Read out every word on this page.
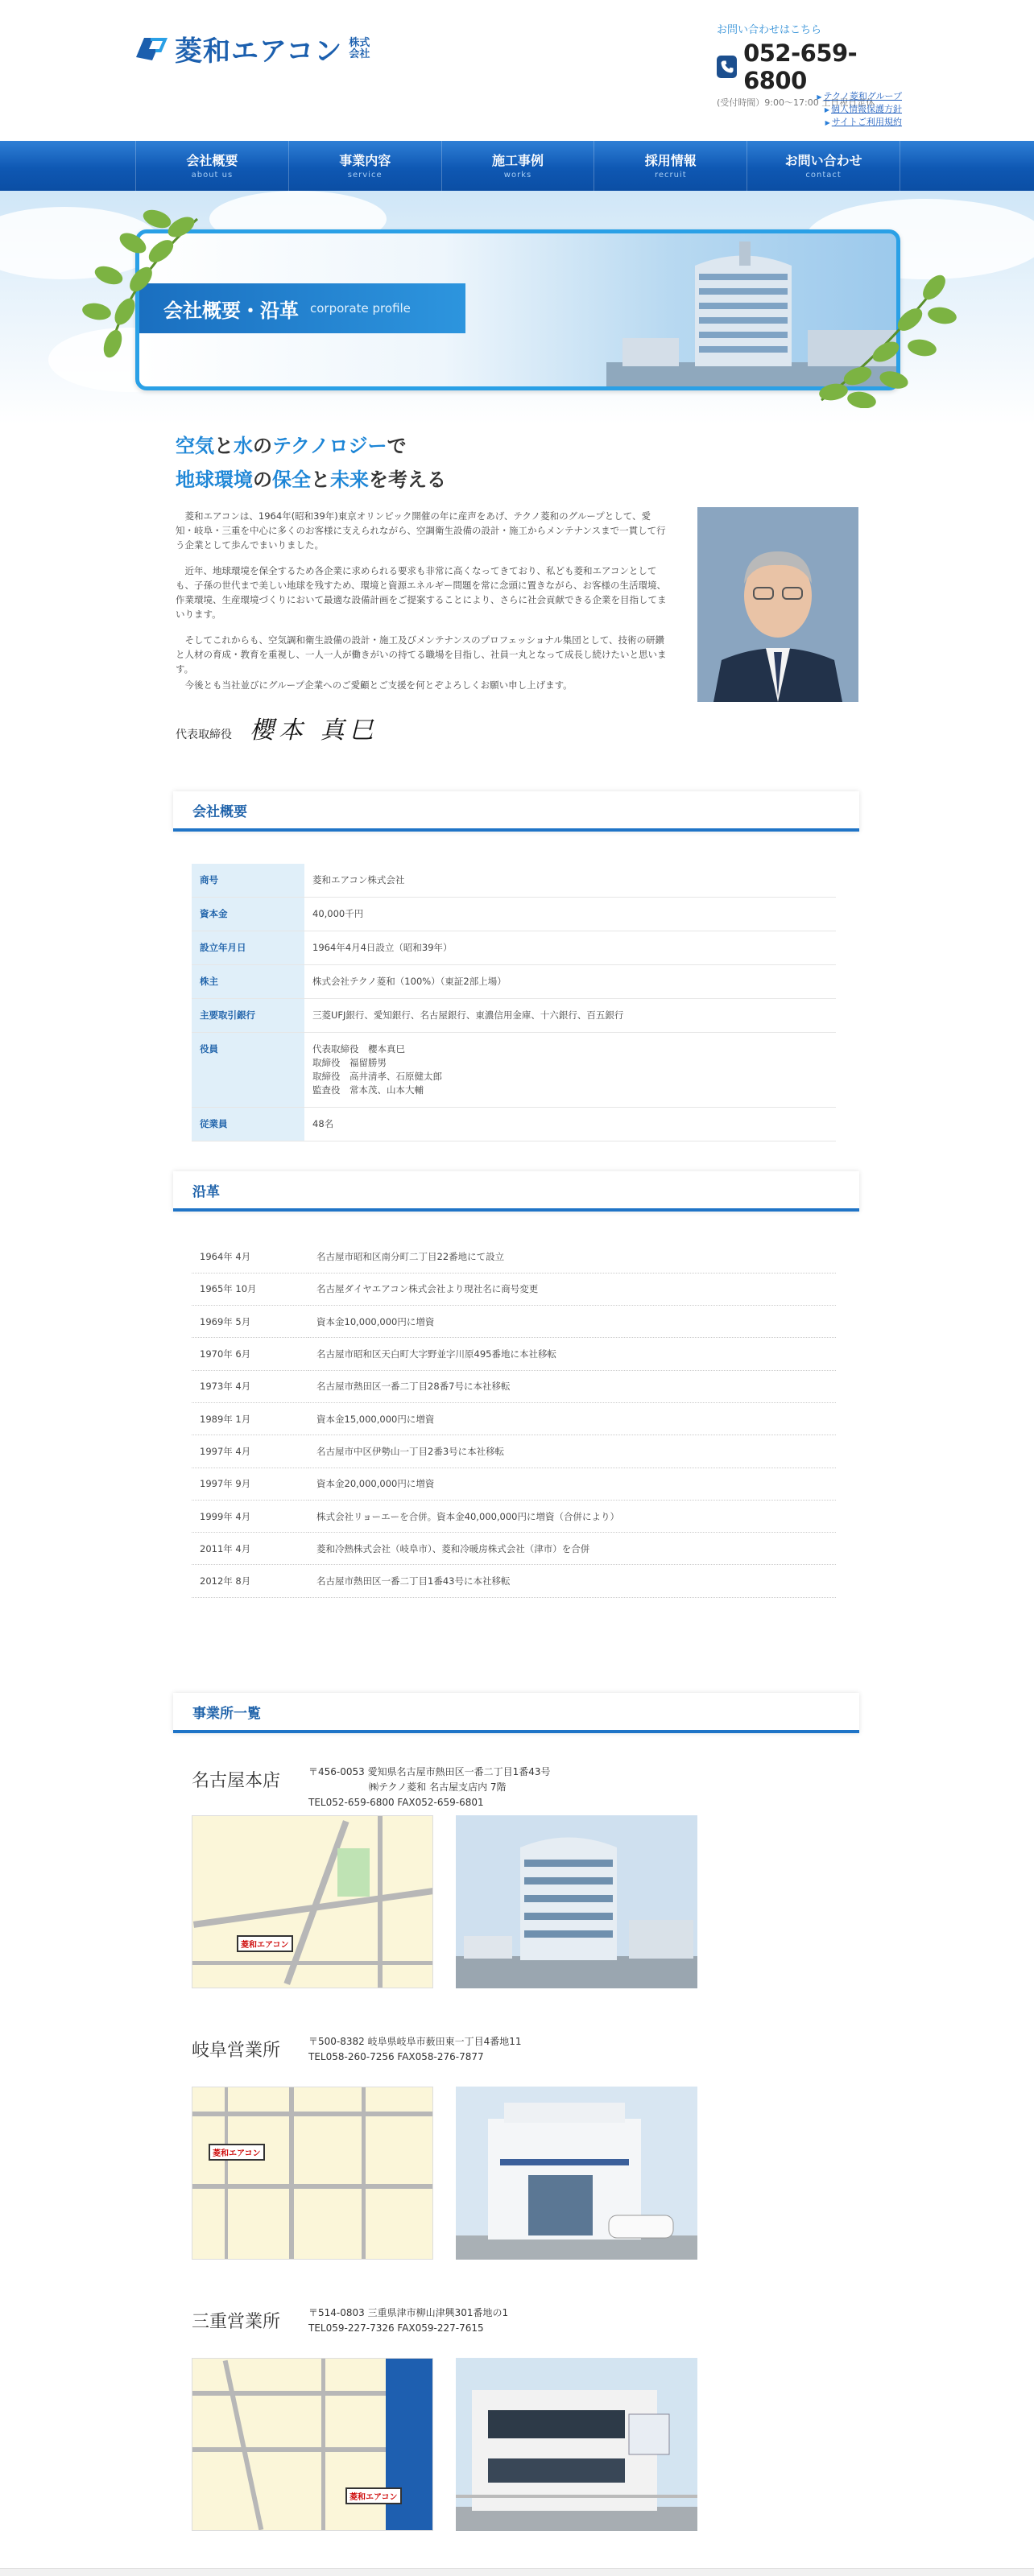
菱和エアコン 株式会社
お問い合わせはこちら
052-659-6800
(受付時間）9:00〜17:00 土日祝日定休
▶ テクノ菱和グループ
▶ 個人情報保護方針
▶ サイトご利用規約
会社概要
about us
事業内容
service
施工事例
works
採用情報
recruit
お問い合わせ
contact
会社概要・沿革 corporate profile
空気と水のテクノロジーで
地球環境の保全と未来を考える

菱和エアコンは、1964年(昭和39年)東京オリンピック開催の年に産声をあげ、テクノ菱和のグループとして、愛知・岐阜・三重を中心に多くのお客様に支えられながら、空調衛生設備の設計・施工からメンテナンスまで一貫して行う企業として歩んでまいりました。

近年、地球環境を保全するため各企業に求められる要求も非常に高くなってきており、私ども菱和エアコンとしても、子孫の世代まで美しい地球を残すため、環境と資源エネルギー問題を常に念頭に置きながら、お客様の生活環境、作業環境、生産環境づくりにおいて最適な設備計画をご提案することにより、さらに社会貢献できる企業を目指してまいります。

そしてこれからも、空気調和衛生設備の設計・施工及びメンテナンスのプロフェッショナル集団として、技術の研鑽と人材の育成・教育を重視し、一人一人が働きがいの持てる職場を目指し、社員一丸となって成長し続けたいと思います。

今後とも当社並びにグループ企業へのご愛顧とご支援を何とぞよろしくお願い申し上げます。

代表取締役 櫻本 真巳
会社概要
商号	菱和エアコン株式会社
資本金	40,000千円
設立年月日	1964年4月4日設立（昭和39年）
株主	株式会社テクノ菱和（100%）（東証2部上場）
主要取引銀行	三菱UFJ銀行、愛知銀行、名古屋銀行、東濃信用金庫、十六銀行、百五銀行
役員	代表取締役　櫻本真巳
取締役　福留勝男
取締役　高井清孝、石原健太郎
監査役　常本茂、山本大輔
従業員	48名
沿革
1964年 4月	名古屋市昭和区南分町二丁目22番地にて設立
1965年 10月	名古屋ダイヤエアコン株式会社より現社名に商号変更
1969年 5月	資本金10,000,000円に増資
1970年 6月	名古屋市昭和区天白町大字野並字川原495番地に本社移転
1973年 4月	名古屋市熱田区一番二丁目28番7号に本社移転
1989年 1月	資本金15,000,000円に増資
1997年 4月	名古屋市中区伊勢山一丁目2番3号に本社移転
1997年 9月	資本金20,000,000円に増資
1999年 4月	株式会社リョーエーを合併。資本金40,000,000円に増資（合併により）
2011年 4月	菱和冷熱株式会社（岐阜市）、菱和冷暖房株式会社（津市）を合併
2012年 8月	名古屋市熱田区一番二丁目1番43号に本社移転
事業所一覧
名古屋本店	〒456-0053 愛知県名古屋市熱田区一番二丁目1番43号
㈱テクノ菱和 名古屋支店内 7階
TEL052-659-6800 FAX052-659-6801
菱和エアコン
岐阜営業所	〒500-8382 岐阜県岐阜市薮田東一丁目4番地11
TEL058-260-7256 FAX058-276-7877
菱和エアコン
三重営業所	〒514-0803 三重県津市柳山津興301番地の1
TEL059-227-7326 FAX059-227-7615
菱和エアコン
